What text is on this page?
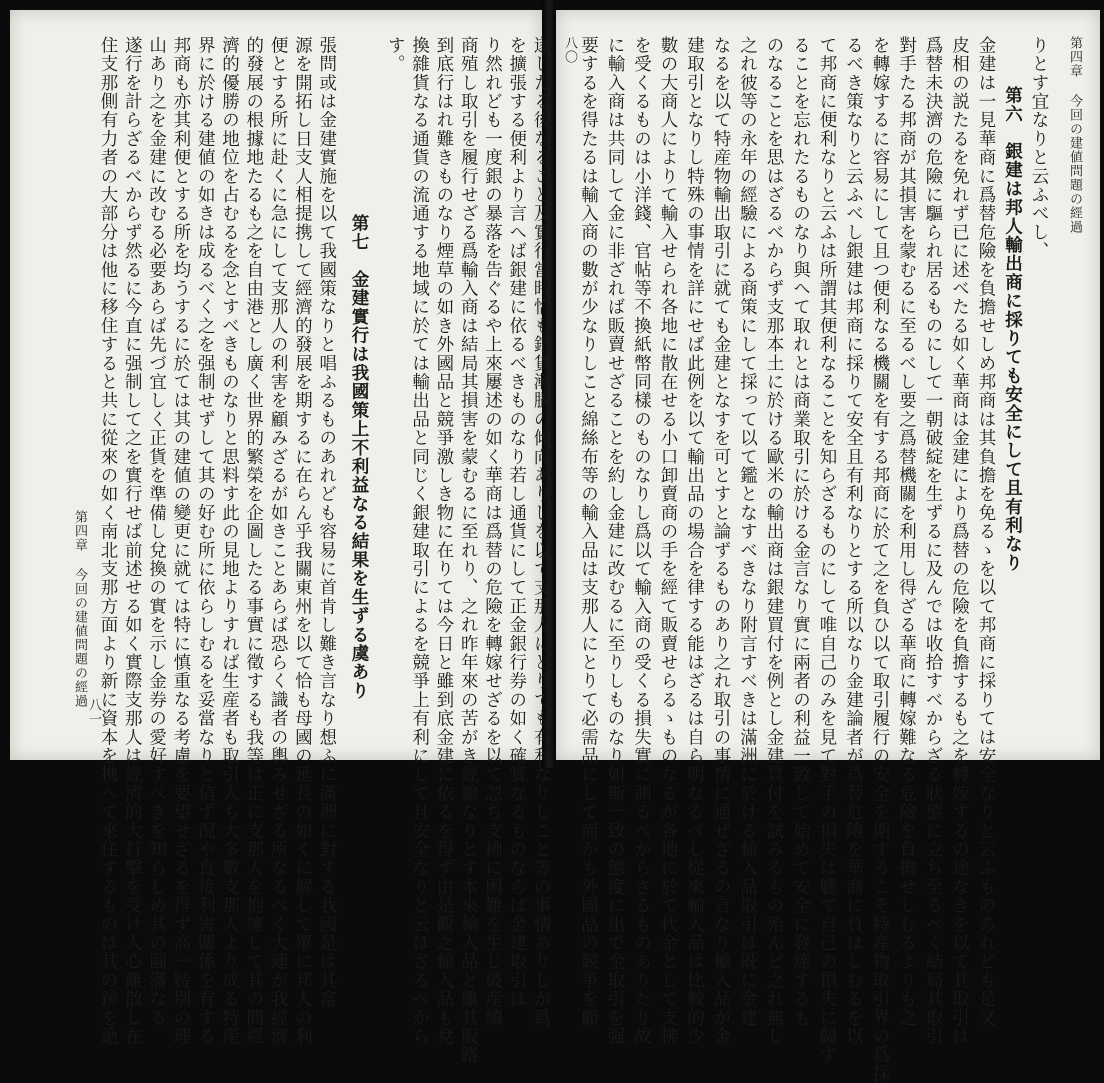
第四章 今回の建値問題の經過
八〇	りとす宜なりと云ふべし、
第六　銀建は邦人輸出商に採りても安全にして且有利なり
金建は一見華商に爲替危險を負擔せしめ邦商は其負擔を免るゝを以て邦商に採りては安全なりと云ふものあれども是又
皮相の説たるを免れず已に述べたる如く華商は金建により爲替の危險を負擔するも之を轉嫁するの途なきを以て其取引は
爲替未決濟の危險に驅られ居るものにして一朝破綻を生ずるに及んでは收拾すべからざる狀態に立ち至るべく結局其取引
對手たる邦商が其損害を蒙むるに至るべし要之爲替機關を利用し得ざる華商に轉嫁難なる危險を負擔せしむるよりも之
を轉嫁するに容易にして且つ便利なる機關を有する邦商に於て之を負ひ以て取引履行の安全を期するこそ特産物取引界の爲採
るべき策なりと云ふべし銀建は邦商に採りて安全且有利なりとする所以なり金建論者が爲替危險を華商に負はしむるを以
て邦商に便利なりと云ふは所謂其便利なることを知らざるものにして唯自己のみを見て對手の損失は軈て自己の損失に歸す
ることを忘れたるものなり與へて取れとは商業取引に於ける金言なり實に兩者の利益一致して始めて安全に發達するも
のなることを思はざるべからず支那本土に於ける歐米の輸出商は銀建買付を例とし金建買付を試みるもの殆んど之れ無し
之れ彼等の永年の經驗による商策にして採って以て鑑となすべきなり附言すべきは滿洲に於ける輸入品取引は既に金建
なるを以て特産物輸出取引に就ても金建となすを可とすと論ずるものあり之れ取引の事情に通ぜざるの言なり輸入品が金
建取引となりし特殊の事情を詳にせば此例を以て輸出品の場合を律する能はざるは自ら明なるべし從來輸入品は比較的少
數の大商人によりて輸入せられ各地に散在せる小口卸賣商の手を經て販賣せらるゝものなるが各地に於て代金として支拂
を受くるものは小洋錢、官帖等不換紙幣同樣のものなりし爲以て輸入商の受くる損失實に測るべからざるものありたり故
に輸入商は共同して金に非ざれば販賣せざることを約し金建に改むるに至りしものなり如斯一致の態度に出で金取引を强
要するを得たるは輸入商の數が少なりしこと綿絲布等の輸入品は支那人にとりて必需品にして而かも外國品の競爭を顧
第四章 今回の建値問題の經過
八一
住支那側有力者の大部分は他に移住すると共に從來の如く南北支那方面より新に資本を携へて來住するものは其の跡を絶 遂行を計らざるべからず然るに今直に强制して之を實行せば前述せる如く實際支那人は經濟的大打擊を受け人心離散し在 山あり之を金建に改むる必要あらば先づ宜しく正貨を準備し兌換の實を示し金券の愛好すべきを知らしめ其の圓滿なる 邦商も亦其利便とする所を均うするに於ては其の建値の變更に就ては特に慎重なる考慮を要望せざるを得ず高一特別の理 界に於ける建値の如きは成るべく之を强制せずして其の好む所に依らしむるを妥當なりと信ず況や直接利害關係を有する 濟的優勝の地位を占むるを念とすべきものなりと思料す此の見地よりすれば生産者も取引人も大多數支那人より成る特産 的發展の根據地たるも之を自由港とし廣く世界的繁榮を企圖したる事實に徵するも我等は正に支那人を抱擁して其の間經 便とする所に赴くに急にして支那人の利害を顧みざるが如きことあらば恐らく識者の輿みせざる所なるべく大連が我經濟 源を開拓し日支人相提携して經濟的發展を期するに在らん乎我關東州を以て恰も母國の延長の如くに解して單に邦人の利 張問或は金建實施を以て我國策なりと唱ふるものあれども容易に首肯し難き言なり想ふに滿洲に對する我國是は其富 第七　金建實行は我國策上不利益なる結果を生ずる虞あり
す。 換雜貨なる通貨の流通する地域に於ては輸出品と同じく銀建取引によるを競爭上有利にして且安全なりと云はざるべから 到底行はれ難きものなり煙草の如き外國品と競爭激しき物に在りては今日と雖到底金建に依るを得ず由是觀之輸入品も兌 商殖し取引を履行せざる爲輸入商は結局其損害を蒙むるに至れり、之れ昨年來の苦がき經驗なりとす本來輸入品と雖其販路 り然れども一度銀の暴落を告ぐるや上來屢述の如く華商は爲替の危險を轉嫁せざるを以て忽ち支拂に困難を生じ破産續 を擴張する便利より言へば銀建に依るべきものなり若し通貨にして正金銀行券の如く確實なるものならば金建取引は 遂したる後なること及實行當時恰も銀貨漸騰の傾向ありしを以て支那人にとりても有利なりしこと等の事情ありしが爲
